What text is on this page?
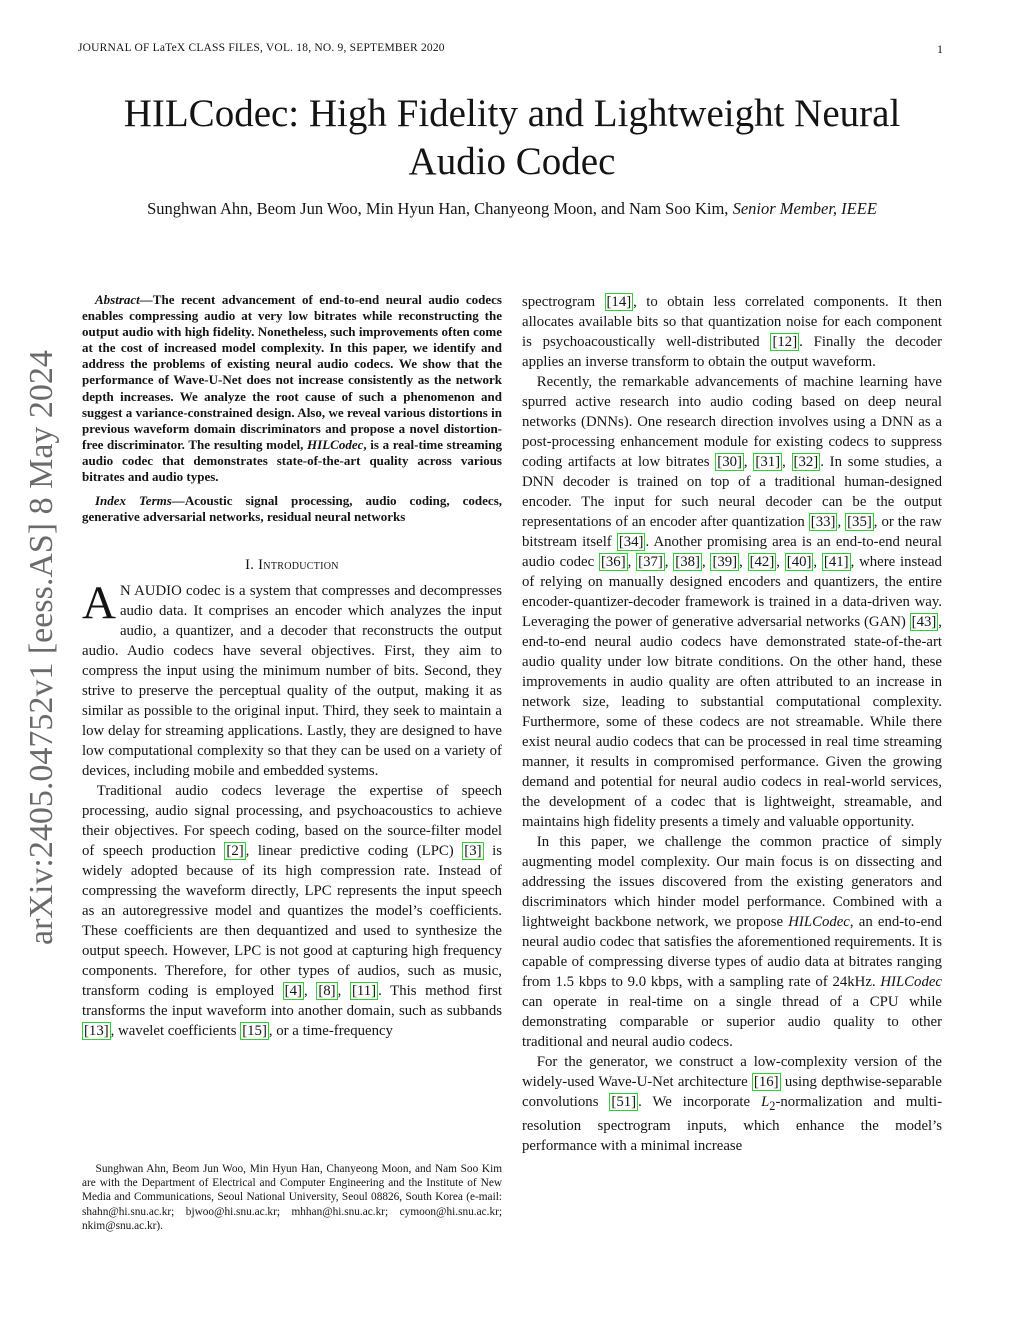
JOURNAL OF LaTeX CLASS FILES, VOL. 18, NO. 9, SEPTEMBER 2020	1
arXiv:2405.04752v1 [eess.AS] 8 May 2024
HILCodec: High Fidelity and Lightweight Neural Audio Codec
Sunghwan Ahn, Beom Jun Woo, Min Hyun Han, Chanyeong Moon, and Nam Soo Kim, Senior Member, IEEE

Abstract—The recent advancement of end-to-end neural audio codecs enables compressing audio at very low bitrates while reconstructing the output audio with high fidelity. Nonetheless, such improvements often come at the cost of increased model complexity. In this paper, we identify and address the problems of existing neural audio codecs. We show that the performance of Wave-U-Net does not increase consistently as the network depth increases. We analyze the root cause of such a phenomenon and suggest a variance-constrained design. Also, we reveal various distortions in previous waveform domain discriminators and propose a novel distortion-free discriminator. The resulting model, HILCodec, is a real-time streaming audio codec that demonstrates state-of-the-art quality across various bitrates and audio types.

Index Terms—Acoustic signal processing, audio coding, codecs, generative adversarial networks, residual neural networks

I. Introduction

A N AUDIO codec is a system that compresses and decompresses audio data. It comprises an encoder which analyzes the input audio, a quantizer, and a decoder that reconstructs the output audio. Audio codecs have several objectives. First, they aim to compress the input using the minimum number of bits. Second, they strive to preserve the perceptual quality of the output, making it as similar as possible to the original input. Third, they seek to maintain a low delay for streaming applications. Lastly, they are designed to have low computational complexity so that they can be used on a variety of devices, including mobile and embedded systems.

Traditional audio codecs leverage the expertise of speech processing, audio signal processing, and psychoacoustics to achieve their objectives. For speech coding, based on the source-filter model of speech production [2] , linear predictive coding (LPC) [3] is widely adopted because of its high compression rate. Instead of compressing the waveform directly, LPC represents the input speech as an autoregressive model and quantizes the model’s coefficients. These coefficients are then dequantized and used to synthesize the output speech. However, LPC is not good at capturing high frequency components. Therefore, for other types of audios, such as music, transform coding is employed [4] , [8] , [11] . This method first transforms the input waveform into another domain, such as subbands [13] , wavelet coefficients [15] , or a time-frequency

Sunghwan Ahn, Beom Jun Woo, Min Hyun Han, Chanyeong Moon, and Nam Soo Kim are with the Department of Electrical and Computer Engineering and the Institute of New Media and Communications, Seoul National University, Seoul 08826, South Korea (e-mail: shahn@hi.snu.ac.kr; bjwoo@hi.snu.ac.kr; mhhan@hi.snu.ac.kr; cymoon@hi.snu.ac.kr; nkim@snu.ac.kr).

spectrogram [14] , to obtain less correlated components. It then allocates available bits so that quantization noise for each component is psychoacoustically well-distributed [12] . Finally the decoder applies an inverse transform to obtain the output waveform.

Recently, the remarkable advancements of machine learning have spurred active research into audio coding based on deep neural networks (DNNs). One research direction involves using a DNN as a post-processing enhancement module for existing codecs to suppress coding artifacts at low bitrates [30] , [31] , [32] . In some studies, a DNN decoder is trained on top of a traditional human-designed encoder. The input for such neural decoder can be the output representations of an encoder after quantization [33] , [35] , or the raw bitstream itself [34] . Another promising area is an end-to-end neural audio codec [36] , [37] , [38] , [39] , [42] , [40] , [41] , where instead of relying on manually designed encoders and quantizers, the entire encoder-quantizer-decoder framework is trained in a data-driven way. Leveraging the power of generative adversarial networks (GAN) [43] , end-to-end neural audio codecs have demonstrated state-of-the-art audio quality under low bitrate conditions. On the other hand, these improvements in audio quality are often attributed to an increase in network size, leading to substantial computational complexity. Furthermore, some of these codecs are not streamable. While there exist neural audio codecs that can be processed in real time streaming manner, it results in compromised performance. Given the growing demand and potential for neural audio codecs in real-world services, the development of a codec that is lightweight, streamable, and maintains high fidelity presents a timely and valuable opportunity.

In this paper, we challenge the common practice of simply augmenting model complexity. Our main focus is on dissecting and addressing the issues discovered from the existing generators and discriminators which hinder model performance. Combined with a lightweight backbone network, we propose HILCodec, an end-to-end neural audio codec that satisfies the aforementioned requirements. It is capable of compressing diverse types of audio data at bitrates ranging from 1.5 kbps to 9.0 kbps, with a sampling rate of 24kHz. HILCodec can operate in real-time on a single thread of a CPU while demonstrating comparable or superior audio quality to other traditional and neural audio codecs.

For the generator, we construct a low-complexity version of the widely-used Wave-U-Net architecture [16] using depthwise-separable convolutions [51] . We incorporate $L_2$-normalization and multi-resolution spectrogram inputs, which enhance the model’s performance with a minimal increase
